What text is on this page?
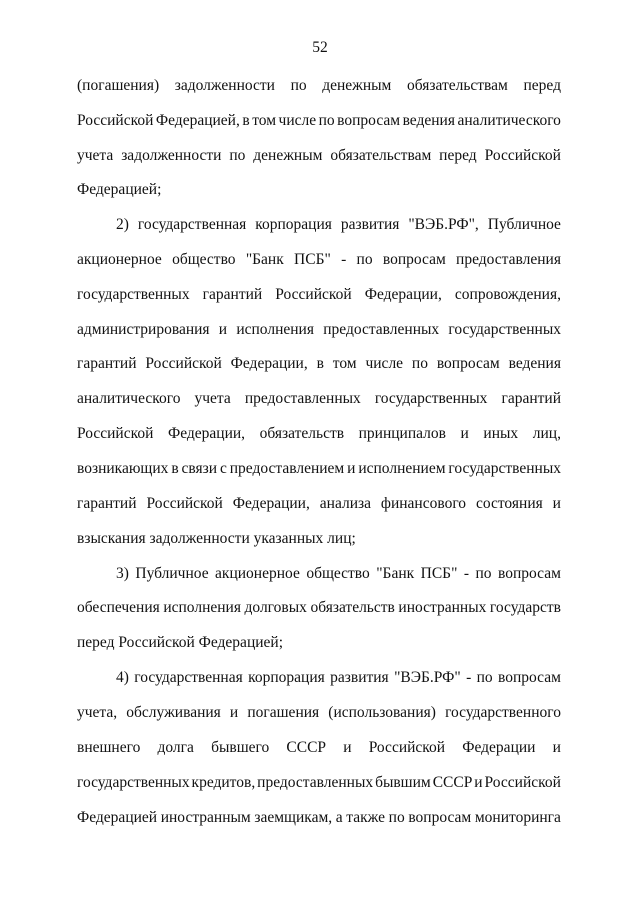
52
(погашения) задолженности по денежным обязательствам перед
Российской Федерацией, в том числе по вопросам ведения аналитического
учета задолженности по денежным обязательствам перед Российской
Федерацией;
2) государственная корпорация развития "ВЭБ.РФ", Публичное
акционерное общество "Банк ПСБ" - по вопросам предоставления
государственных гарантий Российской Федерации, сопровождения,
администрирования и исполнения предоставленных государственных
гарантий Российской Федерации, в том числе по вопросам ведения
аналитического учета предоставленных государственных гарантий
Российской Федерации, обязательств принципалов и иных лиц,
возникающих в связи с предоставлением и исполнением государственных
гарантий Российской Федерации, анализа финансового состояния и
взыскания задолженности указанных лиц;
3) Публичное акционерное общество "Банк ПСБ" - по вопросам
обеспечения исполнения долговых обязательств иностранных государств
перед Российской Федерацией;
4) государственная корпорация развития "ВЭБ.РФ" - по вопросам
учета, обслуживания и погашения (использования) государственного
внешнего долга бывшего СССР и Российской Федерации и
государственных кредитов, предоставленных бывшим СССР и Российской
Федерацией иностранным заемщикам, а также по вопросам мониторинга
